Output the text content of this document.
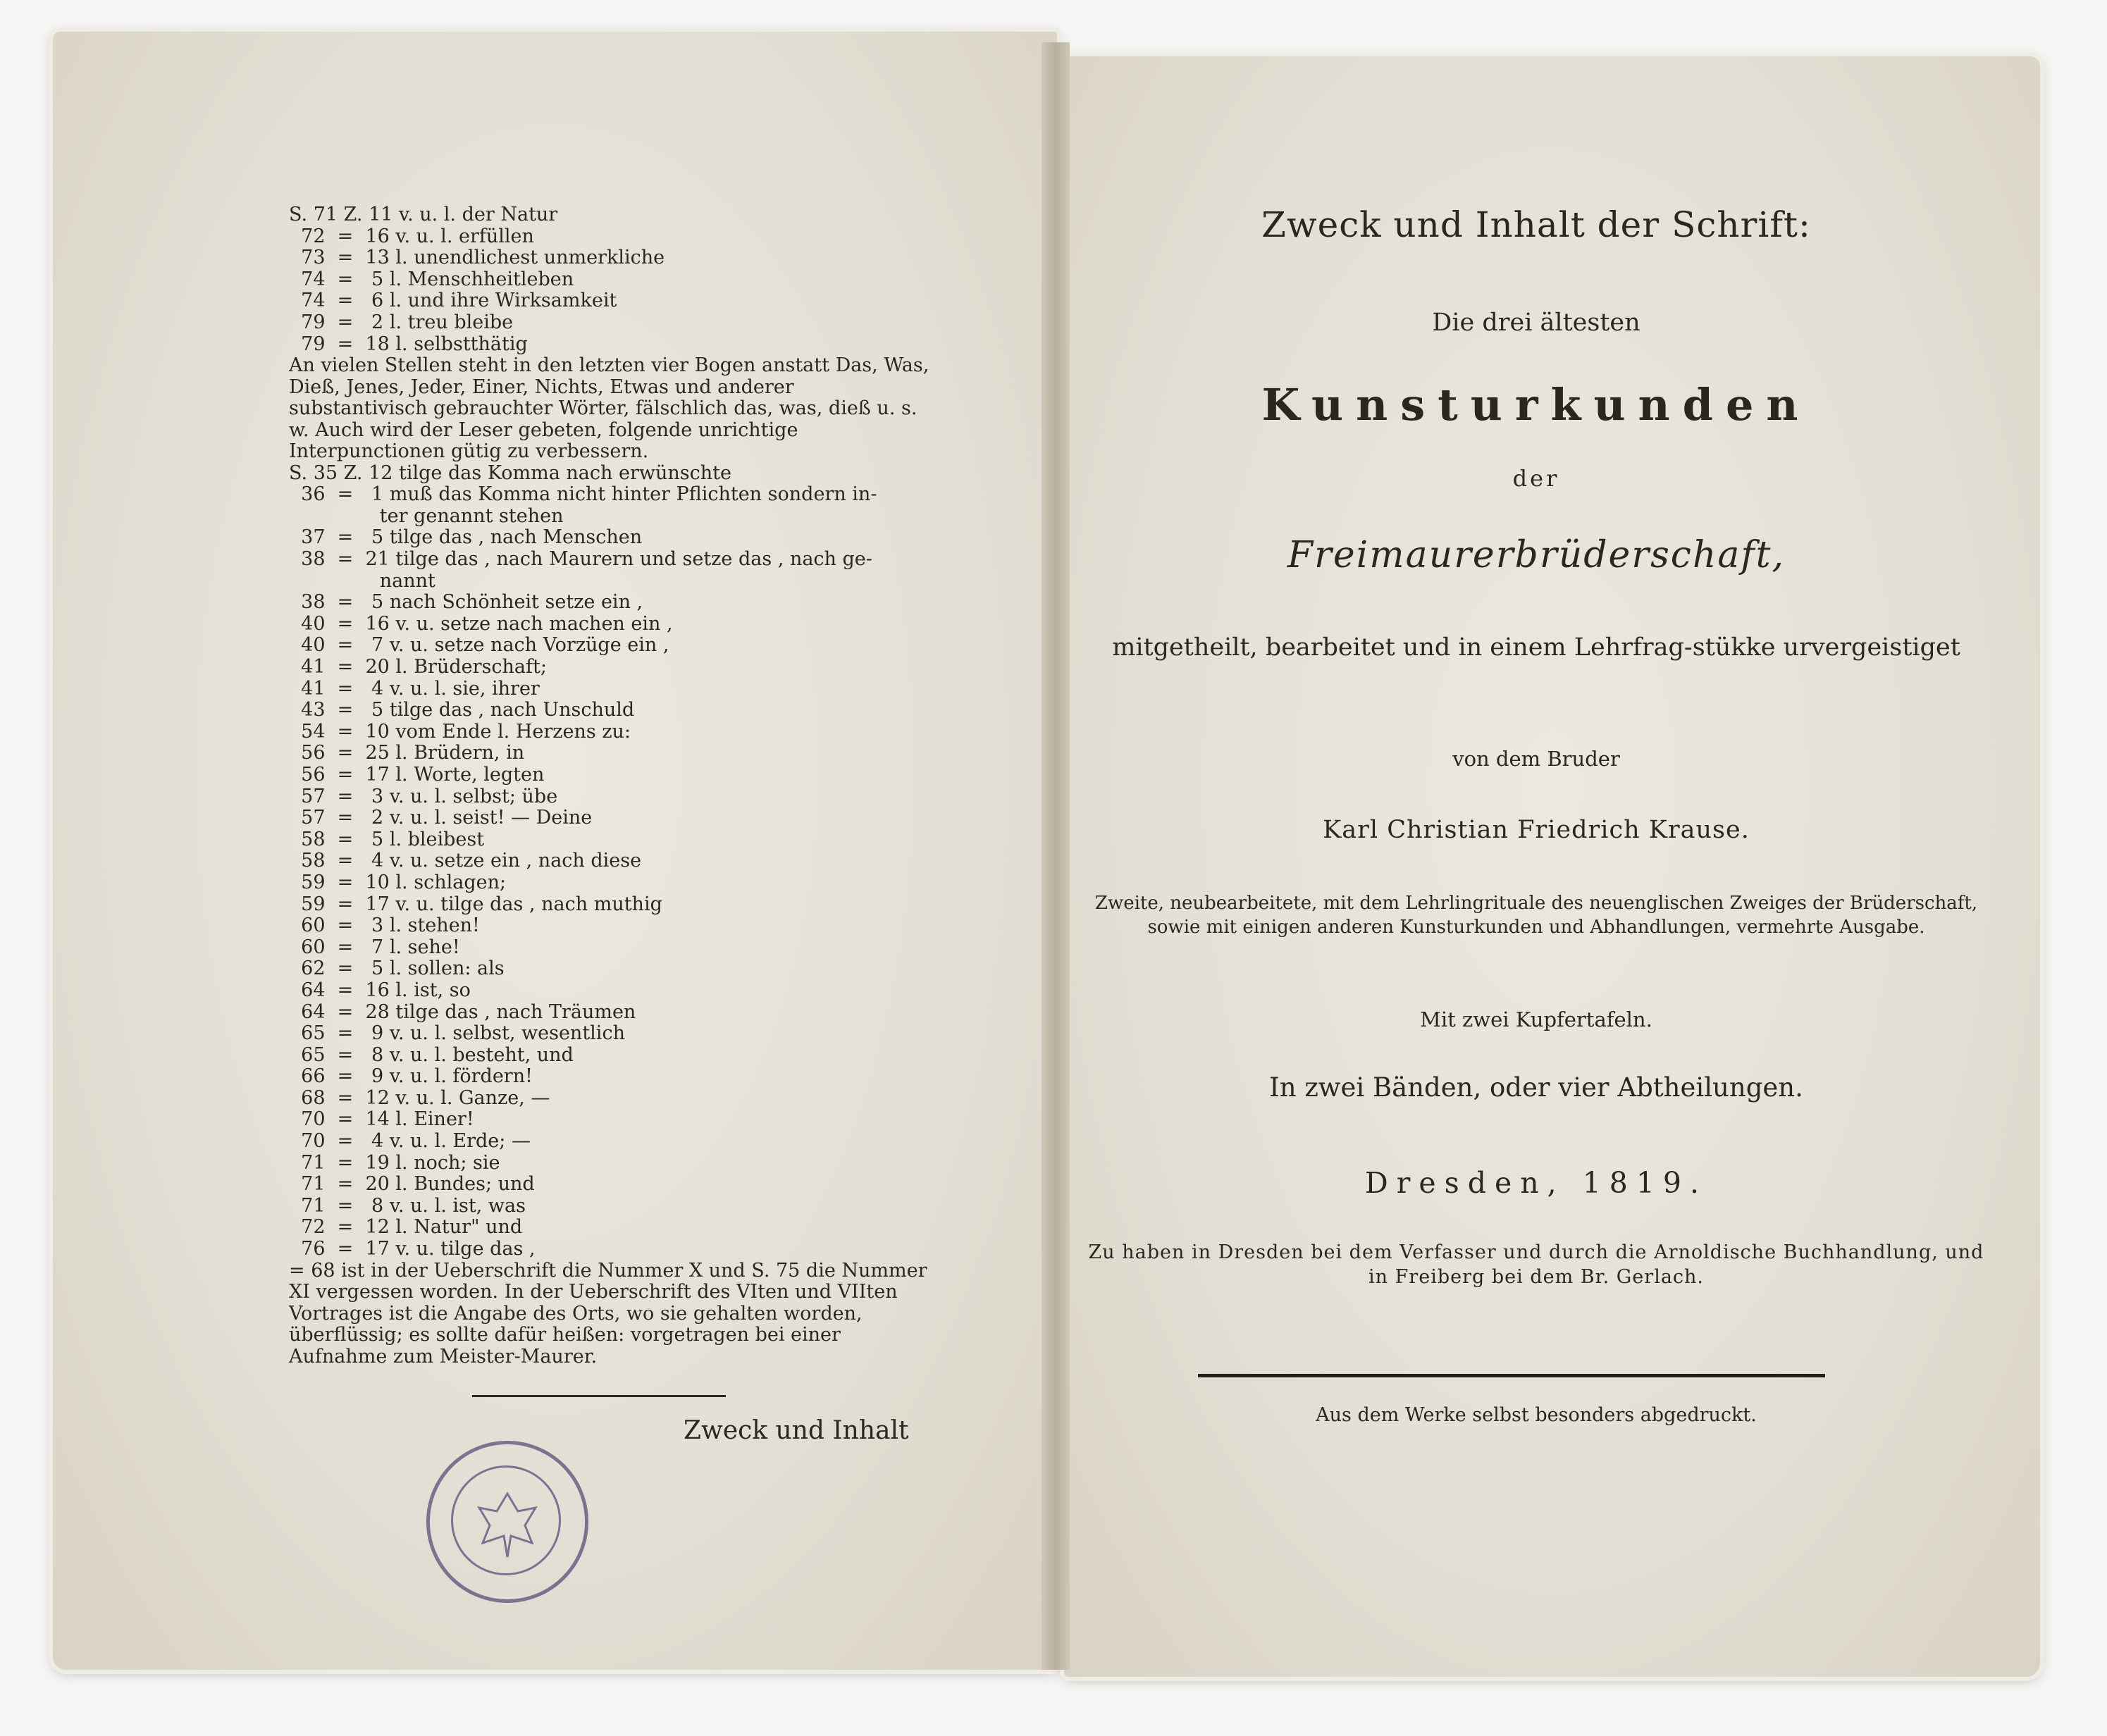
S. 71 Z. 11 v. u. l. der Natur
72  =  16 v. u. l. erfüllen
73  =  13 l. unendlichest unmerkliche
74  =   5 l. Menschheitleben
74  =   6 l. und ihre Wirksamkeit
79  =   2 l. treu bleibe
79  =  18 l. selbstthätig
An vielen Stellen steht in den letzten vier Bogen anstatt Das, Was, Dieß, Jenes, Jeder, Einer, Nichts, Etwas und anderer substantivisch gebrauchter Wörter, fälschlich das, was, dieß u. s. w. Auch wird der Leser gebeten, folgende unrichtige Interpunctionen gütig zu verbessern.
S. 35 Z. 12 tilge das Komma nach erwünschte
36  =   1 muß das Komma nicht hinter Pflichten sondern in-
ter genannt stehen
37  =   5 tilge das , nach Menschen
38  =  21 tilge das , nach Maurern und setze das , nach ge-
nannt
38  =   5 nach Schönheit setze ein ,
40  =  16 v. u. setze nach machen ein ,
40  =   7 v. u. setze nach Vorzüge ein ,
41  =  20 l. Brüderschaft;
41  =   4 v. u. l. sie, ihrer
43  =   5 tilge das , nach Unschuld
54  =  10 vom Ende l. Herzens zu:
56  =  25 l. Brüdern, in
56  =  17 l. Worte, legten
57  =   3 v. u. l. selbst; übe
57  =   2 v. u. l. seist! — Deine
58  =   5 l. bleibest
58  =   4 v. u. setze ein , nach diese
59  =  10 l. schlagen;
59  =  17 v. u. tilge das , nach muthig
60  =   3 l. stehen!
60  =   7 l. sehe!
62  =   5 l. sollen: als
64  =  16 l. ist, so
64  =  28 tilge das , nach Träumen
65  =   9 v. u. l. selbst, wesentlich
65  =   8 v. u. l. besteht, und
66  =   9 v. u. l. fördern!
68  =  12 v. u. l. Ganze, —
70  =  14 l. Einer!
70  =   4 v. u. l. Erde; —
71  =  19 l. noch; sie
71  =  20 l. Bundes; und
71  =   8 v. u. l. ist, was
72  =  12 l. Natur" und
76  =  17 v. u. tilge das ,
= 68 ist in der Ueberschrift die Nummer X und S. 75 die Nummer XI vergessen worden. In der Ueberschrift des VIten und VIIten Vortrages ist die Angabe des Orts, wo sie gehalten worden, überflüssig; es sollte dafür heißen: vorgetragen bei einer Aufnahme zum Meister-Maurer.
Zweck und Inhalt
Zweck und Inhalt der Schrift:
Die drei ältesten
Kunsturkunden
der
Freimaurerbrüderschaft,
mitgetheilt, bearbeitet und in einem Lehrfrag-stükke urvergeistiget
von dem Bruder
Karl Christian Friedrich Krause.
Zweite, neubearbeitete, mit dem Lehrlingrituale des neuenglischen Zweiges der Brüderschaft, sowie mit einigen anderen Kunsturkunden und Abhandlungen, vermehrte Ausgabe.
Mit zwei Kupfertafeln.
In zwei Bänden, oder vier Abtheilungen.
Dresden, 1819.
Zu haben in Dresden bei dem Verfasser und durch die Arnoldische Buchhandlung, und in Freiberg bei dem Br. Gerlach.
Aus dem Werke selbst besonders abgedruckt.
